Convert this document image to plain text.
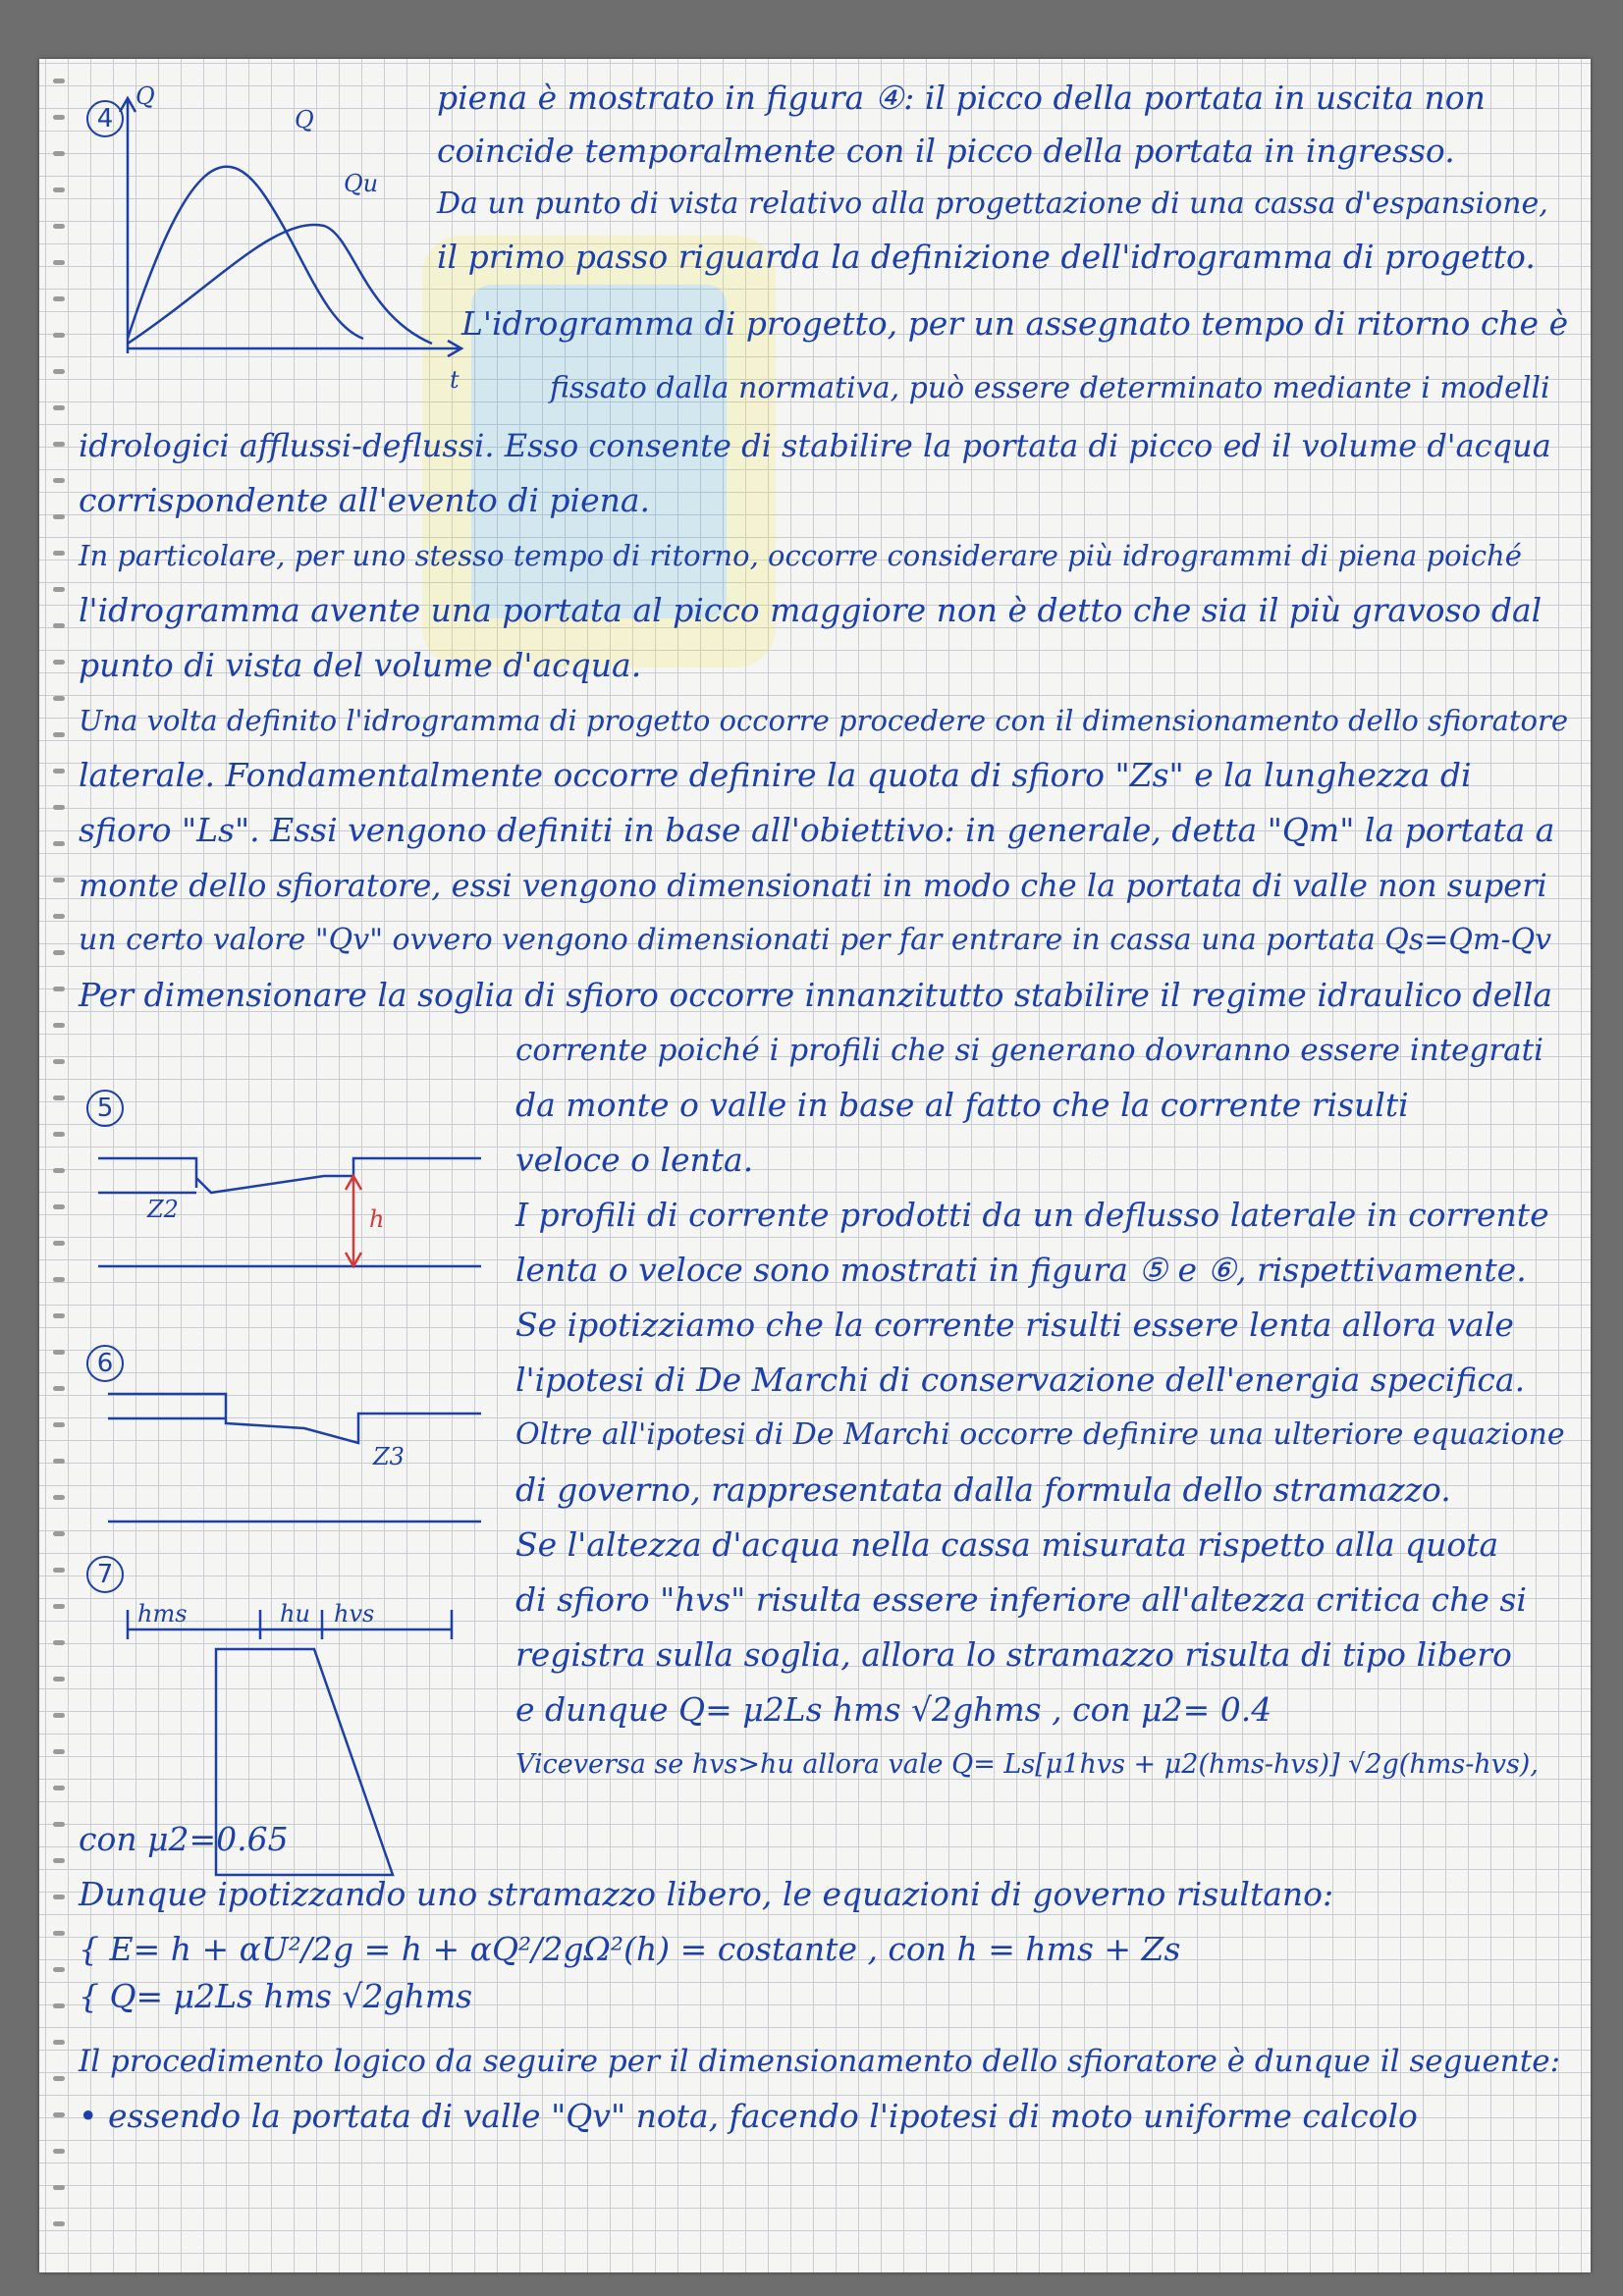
4
Q
t
Q
Qu
5
Z2	h
6
Z3
7
hms	hu hvs
piena è mostrato in figura ④: il picco della portata in uscita non
coincide temporalmente con il picco della portata in ingresso.
Da un punto di vista relativo alla progettazione di una cassa d'espansione,
il primo passo riguarda la definizione dell'idrogramma di progetto.
L'idrogramma di progetto, per un assegnato tempo di ritorno che è
fissato dalla normativa, può essere determinato mediante i modelli
idrologici afflussi-deflussi. Esso consente di stabilire la portata di picco ed il volume d'acqua
corrispondente all'evento di piena.
In particolare, per uno stesso tempo di ritorno, occorre considerare più idrogrammi di piena poiché
l'idrogramma avente una portata al picco maggiore non è detto che sia il più gravoso dal
punto di vista del volume d'acqua.
Una volta definito l'idrogramma di progetto occorre procedere con il dimensionamento dello sfioratore
laterale. Fondamentalmente occorre definire la quota di sfioro "Zs" e la lunghezza di
sfioro "Ls". Essi vengono definiti in base all'obiettivo: in generale, detta "Qm" la portata a
monte dello sfioratore, essi vengono dimensionati in modo che la portata di valle non superi
un certo valore "Qv" ovvero vengono dimensionati per far entrare in cassa una portata Qs=Qm-Qv
Per dimensionare la soglia di sfioro occorre innanzitutto stabilire il regime idraulico della
corrente poiché i profili che si generano dovranno essere integrati
da monte o valle in base al fatto che la corrente risulti
veloce o lenta.
I profili di corrente prodotti da un deflusso laterale in corrente
lenta o veloce sono mostrati in figura ⑤ e ⑥, rispettivamente.
Se ipotizziamo che la corrente risulti essere lenta allora vale
l'ipotesi di De Marchi di conservazione dell'energia specifica.
Oltre all'ipotesi di De Marchi occorre definire una ulteriore equazione
di governo, rappresentata dalla formula dello stramazzo.
Se l'altezza d'acqua nella cassa misurata rispetto alla quota
di sfioro "hvs" risulta essere inferiore all'altezza critica che si
registra sulla soglia, allora lo stramazzo risulta di tipo libero
e dunque Q= μ2Ls hms √2ghms , con μ2= 0.4
Viceversa se hvs>hu allora vale Q= Ls[μ1hvs + μ2(hms-hvs)] √2g(hms-hvs),
con μ2=0.65
Dunque ipotizzando uno stramazzo libero, le equazioni di governo risultano:
{ E= h + αU²/2g = h + αQ²/2gΩ²(h) = costante , con h = hms + Zs
{ Q= μ2Ls hms √2ghms
Il procedimento logico da seguire per il dimensionamento dello sfioratore è dunque il seguente:
• essendo la portata di valle "Qv" nota, facendo l'ipotesi di moto uniforme calcolo
